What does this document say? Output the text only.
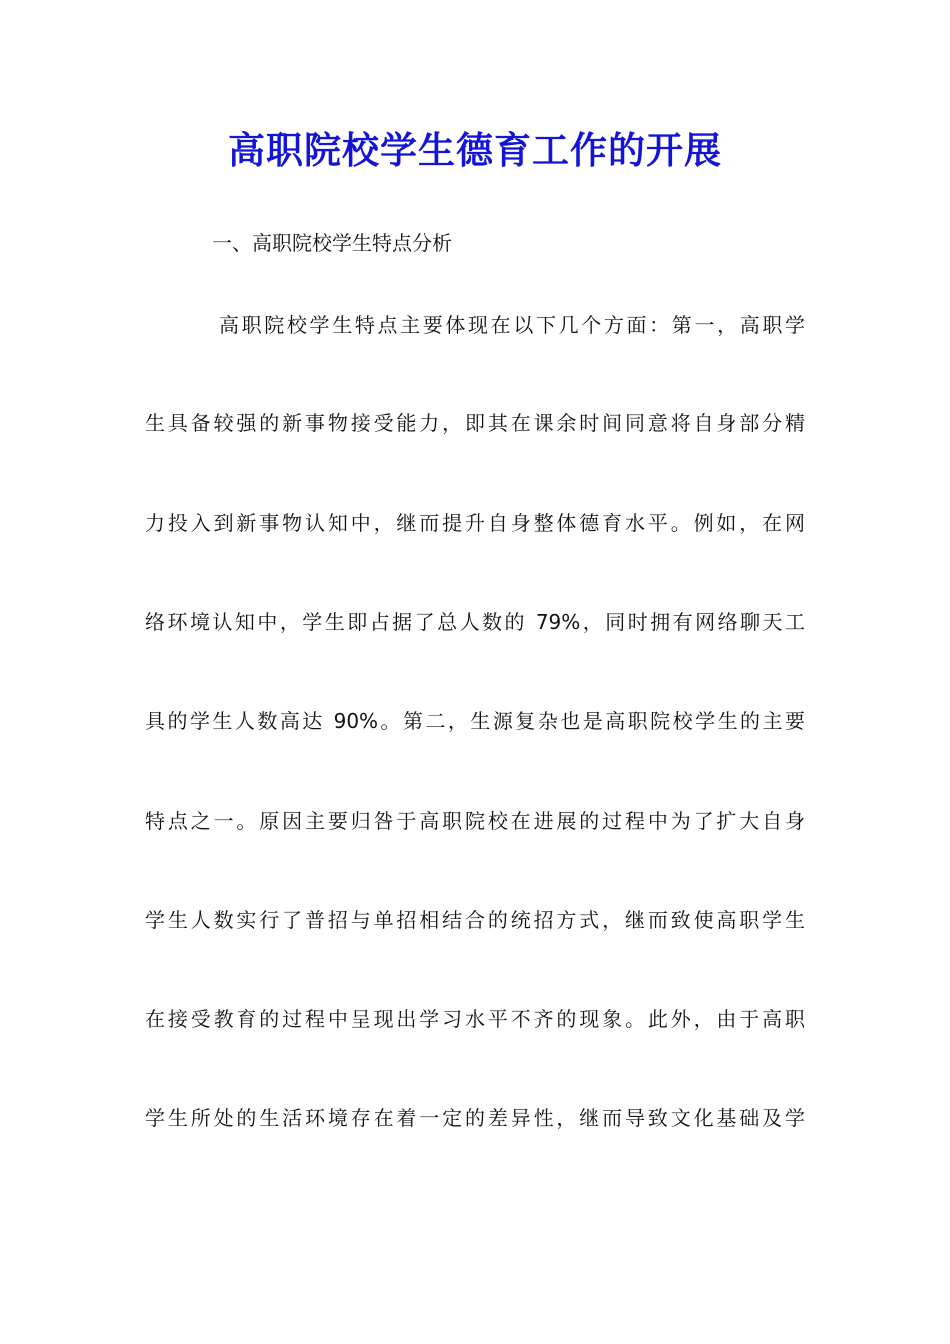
高职院校学生德育工作的开展
一、高职院校学生特点分析
高职院校学生特点主要体现在以下几个方面：第一，高职学
生具备较强的新事物接受能力，即其在课余时间同意将自身部分精
力投入到新事物认知中，继而提升自身整体德育水平。例如，在网
络环境认知中，学生即占据了总人数的 79%，同时拥有网络聊天工
具的学生人数高达 90%。第二，生源复杂也是高职院校学生的主要
特点之一。原因主要归咎于高职院校在进展的过程中为了扩大自身
学生人数实行了普招与单招相结合的统招方式，继而致使高职学生
在接受教育的过程中呈现出学习水平不齐的现象。此外，由于高职
学生所处的生活环境存在着一定的差异性，继而导致文化基础及学
